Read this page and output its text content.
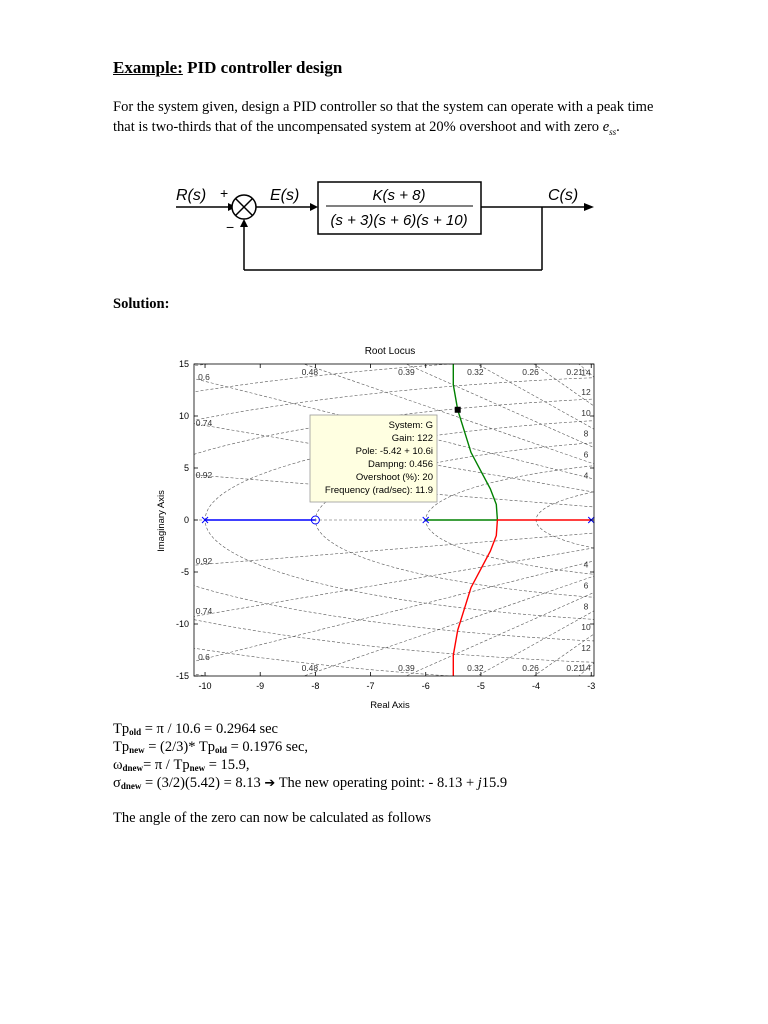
Example: PID controller design
For the system given, design a PID controller so that the system can operate with a peak time that is two-thirds that of the uncompensated system at 20% overshoot and with zero $e_{ss}$.
R(s) +
−
E(s)	K(s + 8)
(s + 3)(s + 6)(s + 10)
C(s)
Solution:
Root Locus
Real Axis
Imaginary Axis
-10	-9	-8	-7	-6	-5	-4	-3
-15
-10
-5
0
5
10
15
0.6
0.6
0.74
0.74
0.92
0.92
0.48
0.48
0.39
0.39
0.32
0.32
0.26
0.26
0.21
0.21
14
14
12
12
10
10
8
8
6
6
4
4
System: G
Gain: 122
Pole: -5.42 + 10.6i
Dampng: 0.456
Overshoot (%): 20
Frequency (rad/sec): 11.9
$Tp_{old} = \pi / 10.6 = 0.2964$ sec
$Tp_{new} = (2/3)*$ $Tp_{old} = 0.1976$ sec,
$\omega_{dnew}= \pi / Tp_{new} = 15.9$,
$\sigma_{dnew} = (3/2)(5.42) = 8.13$ ➔ The new operating point: - 8.13 + j15.9
The angle of the zero can now be calculated as follows
